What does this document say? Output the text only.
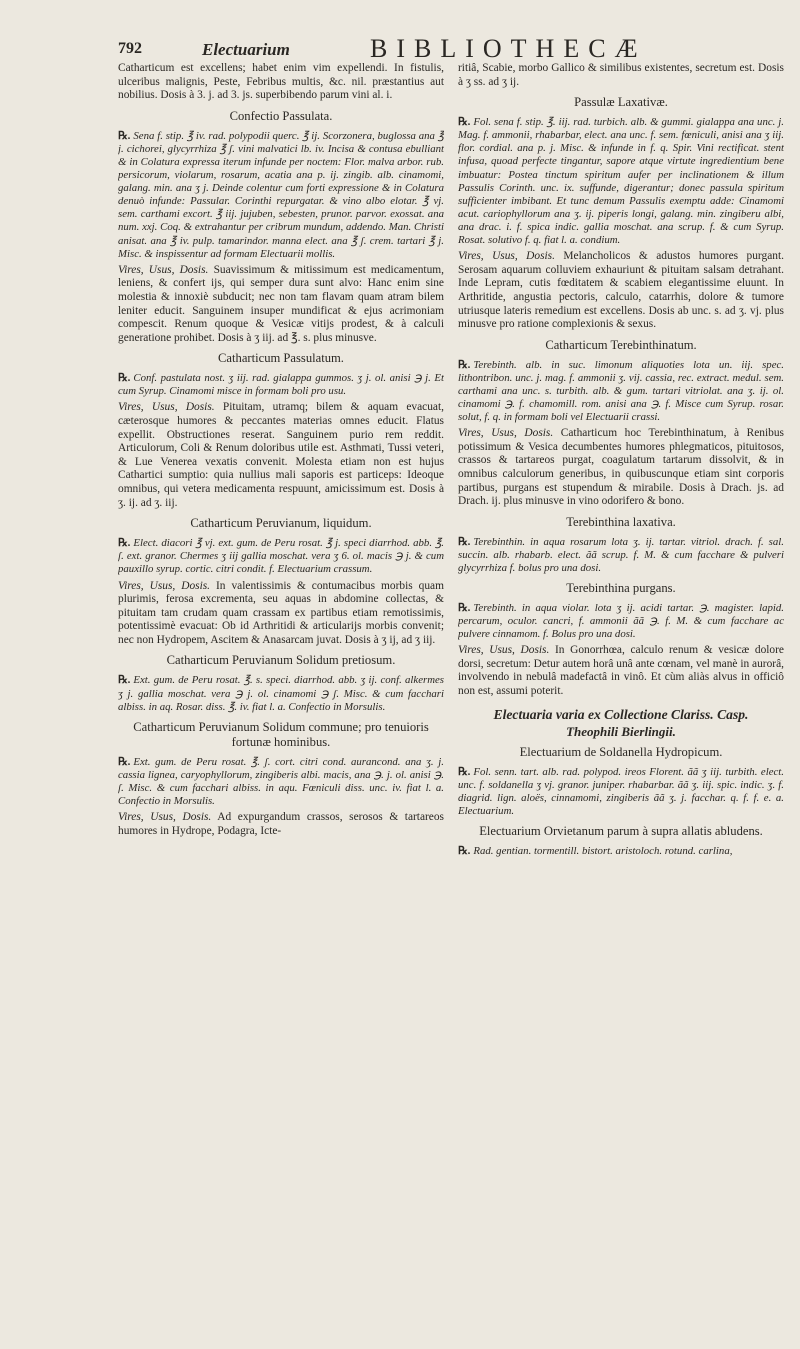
792	Electuarium	BIBLIOTHECÆ

Catharticum est excellens; habet enim vim expellendi. In fistulis, ulceribus malignis, Peste, Febribus multis, &c. nil. præstantius aut nobilius. Dosis à 3. j. ad 3. js. superbibendo parum vini al. i.

Confectio Passulata.

℞. Sena f. stip. ℥ iv. rad. polypodii querc. ℥ ij. Scorzonera, buglossa ana ℥ j. cichorei, glycyrrhiza ℥ ʃ. vini malvatici lb. iv. Incisa & contusa ebulliant & in Colatura expressa iterum infunde per noctem: Flor. malva arbor. rub. persicorum, violarum, rosarum, acatia ana p. ij. zingib. alb. cinamomi, galang. min. ana ʒ j. Deinde colentur cum forti expressione & in Colatura denuò infunde: Passular. Corinthi repurgatar. & vino albo elotar. ℥ vj. sem. carthami excort. ℥ iij. jujuben, sebesten, prunor. parvor. exossat. ana num. xxj. Coq. & extrahantur per cribrum mundum, addendo. Man. Christi anisat. ana ℥ iv. pulp. tamarindor. manna elect. ana ℥ ʃ. crem. tartari ℥ j. Misc. & inspissentur ad formam Electuarii mollis.

Vires, Usus, Dosis. Suavissimum & mitissimum est medicamentum, leniens, & confert ijs, qui semper dura sunt alvo: Hanc enim sine molestia & innoxiè subducit; nec non tam flavam quam atram bilem leniter educit. Sanguinem insuper mundificat & ejus acrimoniam compescit. Renum quoque & Vesicæ vitijs prodest, & à calculi generatione prohibet. Dosis à ʒ iij. ad ℥. s. plus minusve.

Catharticum Passulatum.

℞. Conf. pastulata nost. ʒ iij. rad. gialappa gummos. ʒ j. ol. anisi ℈ j. Et cum Syrup. Cinamomi misce in formam boli pro usu.

Vires, Usus, Dosis. Pituitam, utramq; bilem & aquam evacuat, cæterosque humores & peccantes materias omnes educit. Flatus expellit. Obstructiones reserat. Sanguinem purio rem reddit. Articulorum, Coli & Renum doloribus utile est. Asthmati, Tussi veteri, & Lue Venerea vexatis convenit. Molesta etiam non est hujus Cathartici sumptio: quia nullius mali saporis est particeps: Ideoque omnibus, qui vetera medicamenta respuunt, amicissimum est. Dosis à ʒ. ij. ad ʒ. iij.

Catharticum Peruvianum, liquidum.

℞. Elect. diacori ℥ vj. ext. gum. de Peru rosat. ℥ j. speci diarrhod. abb. ℥. ʃ. ext. granor. Chermes ʒ iij gallia moschat. vera ʒ 6. ol. macis ℈ j. & cum pauxillo syrup. cortic. citri condit. f. Electuarium crassum.

Vires, Usus, Dosis. In valentissimis & contumacibus morbis quam plurimis, ferosa excrementa, seu aquas in abdomine collectas, & pituitam tam crudam quam crassam ex partibus etiam remotissimis, potentissimè evacuat: Ob id Arthritidi & articularijs morbis convenit; nec non Hydropem, Ascitem & Anasarcam juvat. Dosis à ʒ ij, ad ʒ iij.

Catharticum Peruvianum Solidum pretiosum.

℞. Ext. gum. de Peru rosat. ℥. s. speci. diarrhod. abb. ʒ ij. conf. alkermes ʒ j. gallia moschat. vera ℈ j. ol. cinamomi ℈ ʃ. Misc. & cum facchari albiss. in aq. Rosar. diss. ℥. iv. fiat l. a. Confectio in Morsulis.

Catharticum Peruvianum Solidum commune; pro tenuioris fortunæ hominibus.

℞. Ext. gum. de Peru rosat. ℥. ʃ. cort. citri cond. aurancond. ana ʒ. j. cassia lignea, caryophyllorum, zingiberis albi. macis, ana ℈. j. ol. anisi ℈. ʃ. Misc. & cum facchari albiss. in aqu. Fœniculi diss. unc. iv. fiat l. a. Confectio in Morsulis.

Vires, Usus, Dosis. Ad expurgandum crassos, serosos & tartareos humores in Hydrope, Podagra, Icte-

ritiâ, Scabie, morbo Gallico & similibus existentes, secretum est. Dosis à ʒ ss. ad ʒ ij.

Passulæ Laxativæ.

℞. Fol. sena f. stip. ℥. iij. rad. turbich. alb. & gummi. gialappa ana unc. j. Mag. f. ammonii, rhabarbar, elect. ana unc. f. sem. fœniculi, anisi ana ʒ iij. flor. cordial. ana p. j. Misc. & infunde in f. q. Spir. Vini rectificat. stent infusa, quoad perfecte tingantur, sapore atque virtute ingredientium bene imbuatur: Postea tinctum spiritum aufer per inclinationem & illum Passulis Corinth. unc. ix. suffunde, digerantur; donec passula spiritum sufficienter imbibant. Et tunc demum Passulis exemptu adde: Cinamomi acut. cariophyllorum ana ʒ. ij. piperis longi, galang. min. zingiberu albi, ana drac. i. f. spica indic. gallia moschat. ana scrup. f. & cum Syrup. Rosat. solutivo f. q. fiat l. a. condium.

Vires, Usus, Dosis. Melancholicos & adustos humores purgant. Serosam aquarum colluviem exhauriunt & pituitam salsam detrahant. Inde Lepram, cutis fœditatem & scabiem elegantissime eluunt. In Arthritide, angustia pectoris, calculo, catarrhis, dolore & tumore utriusque lateris remedium est excellens. Dosis ab unc. s. ad ʒ. vj. plus minusve pro ratione complexionis & sexus.

Catharticum Terebinthinatum.

℞. Terebinth. alb. in suc. limonum aliquoties lota un. iij. spec. lithontribon. unc. j. mag. f. ammonii ʒ. vij. cassia, rec. extract. medul. sem. carthami ana unc. s. turbith. alb. & gum. tartari vitriolat. ana ʒ. ij. ol. cinamomi ℈. f. chamomill. rom. anisi ana ℈. f. Misce cum Syrup. rosar. solut, f. q. in formam boli vel Electuarii crassi.

Vires, Usus, Dosis. Catharticum hoc Terebinthinatum, à Renibus potissimum & Vesica decumbentes humores phlegmaticos, pituitosos, crassos & tartareos purgat, coagulatum tartarum dissolvit, & in omnibus calculorum generibus, in quibuscunque etiam sint corporis partibus, purgans est stupendum & mirabile. Dosis à Drach. js. ad Drach. ij. plus minusve in vino odorifero & bono.

Terebinthina laxativa.

℞. Terebinthin. in aqua rosarum lota ʒ. ij. tartar. vitriol. drach. f. sal. succin. alb. rhabarb. elect. ãã scrup. f. M. & cum facchare & pulveri glycyrrhiza f. bolus pro una dosi.

Terebinthina purgans.

℞. Terebinth. in aqua violar. lota ʒ ij. acidi tartar. ℈. magister. lapid. percarum, oculor. cancri, f. ammonii ãã ℈. f. M. & cum facchare ac pulvere cinnamom. f. Bolus pro una dosi.

Vires, Usus, Dosis. In Gonorrhœa, calculo renum & vesicæ dolore dorsi, secretum: Detur autem horâ unâ ante cœnam, vel manè in aurorâ, involvendo in nebulâ madefactâ in vinô. Et cùm aliàs alvus in officiô non est, assumi poterit.

Electuaria varia ex Collectione Clariss. Casp.
Theophili Bierlingii.
Electuarium de Soldanella Hydropicum.

℞. Fol. senn. tart. alb. rad. polypod. ireos Florent. ãã ʒ iij. turbith. elect. unc. f. soldanella ʒ vj. granor. juniper. rhabarbar. ãã ʒ. iij. spic. indic. ʒ. f. diagrid. lign. aloës, cinnamomi, zingiberis ãã ʒ. j. facchar. q. f. f. e. a. Electuarium.

Electuarium Orvietanum parum à supra allatis abludens.

℞. Rad. gentian. tormentill. bistort. aristoloch. rotund. carlina,
